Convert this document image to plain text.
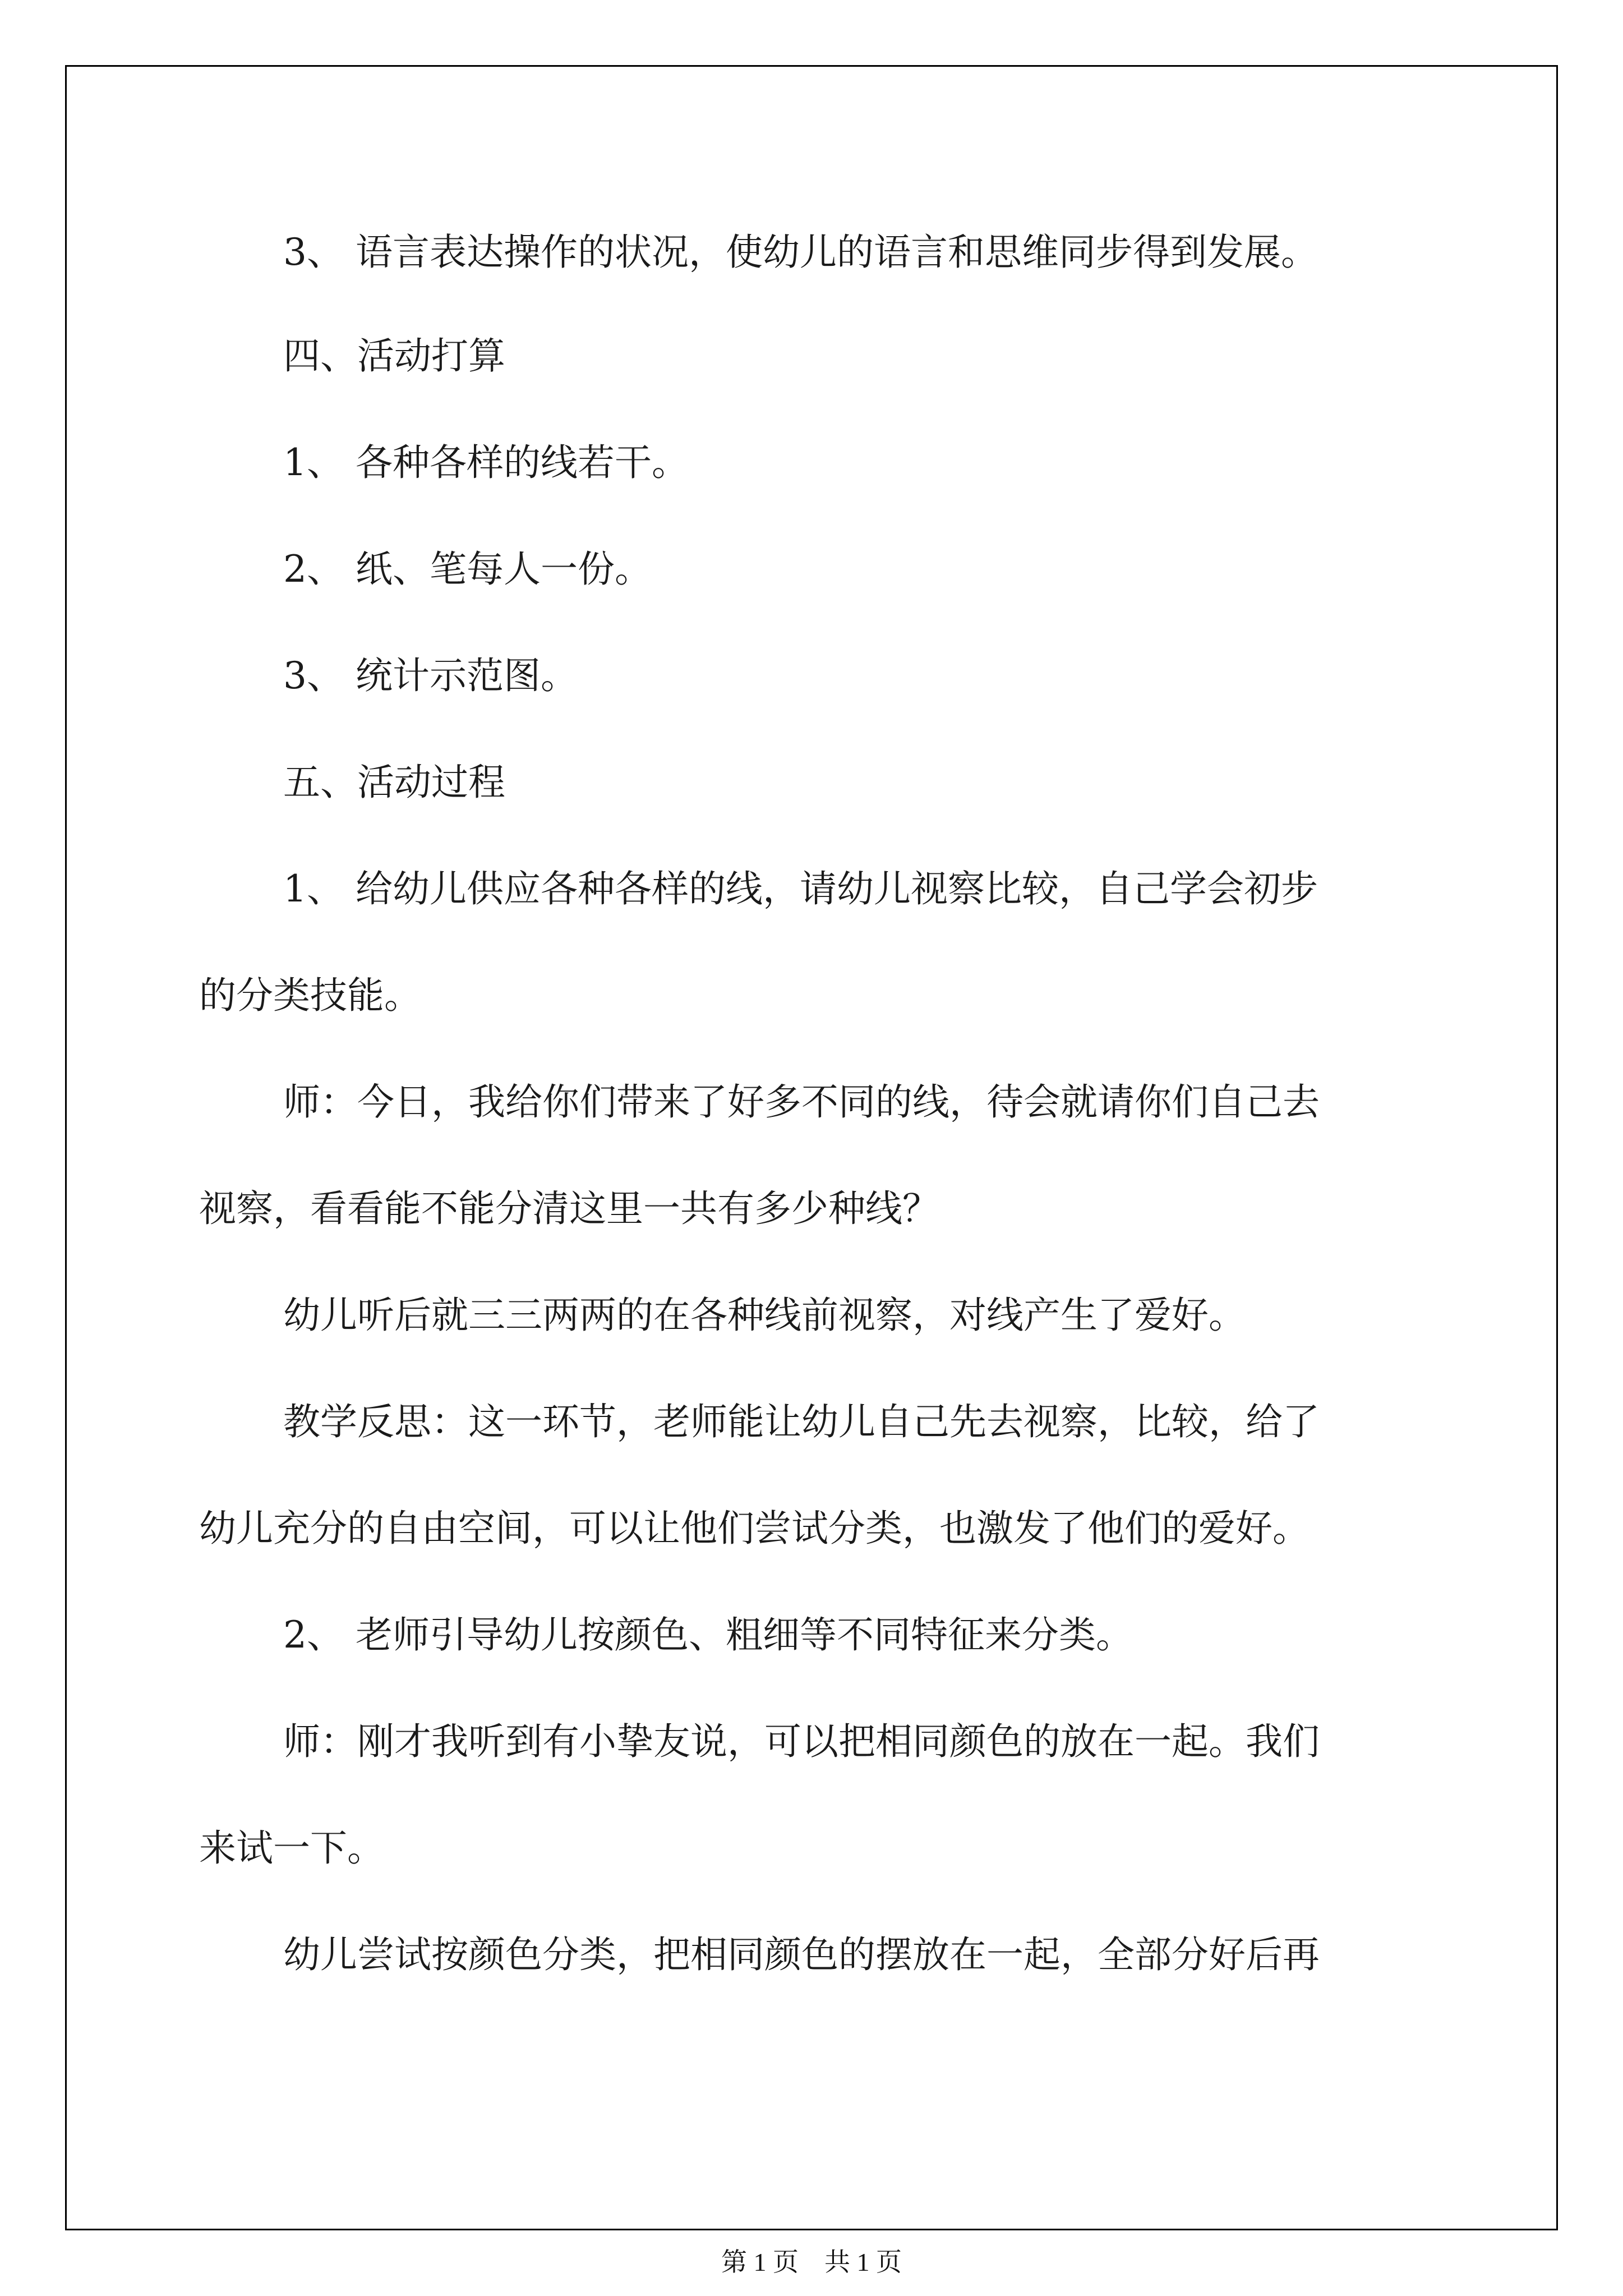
3、 语言表达操作的状况，使幼儿的语言和思维同步得到发展。

四、活动打算

1、 各种各样的线若干。

2、 纸、笔每人一份。

3、 统计示范图。

五、活动过程

1、 给幼儿供应各种各样的线，请幼儿视察比较，自己学会初步

的分类技能。

师：今日，我给你们带来了好多不同的线，待会就请你们自己去

视察，看看能不能分清这里一共有多少种线？

幼儿听后就三三两两的在各种线前视察，对线产生了爱好。

教学反思：这一环节，老师能让幼儿自己先去视察，比较，给了

幼儿充分的自由空间，可以让他们尝试分类，也激发了他们的爱好。

2、 老师引导幼儿按颜色、粗细等不同特征来分类。

师：刚才我听到有小挚友说，可以把相同颜色的放在一起。我们

来试一下。

幼儿尝试按颜色分类，把相同颜色的摆放在一起，全部分好后再

第 1 页　共 1 页
